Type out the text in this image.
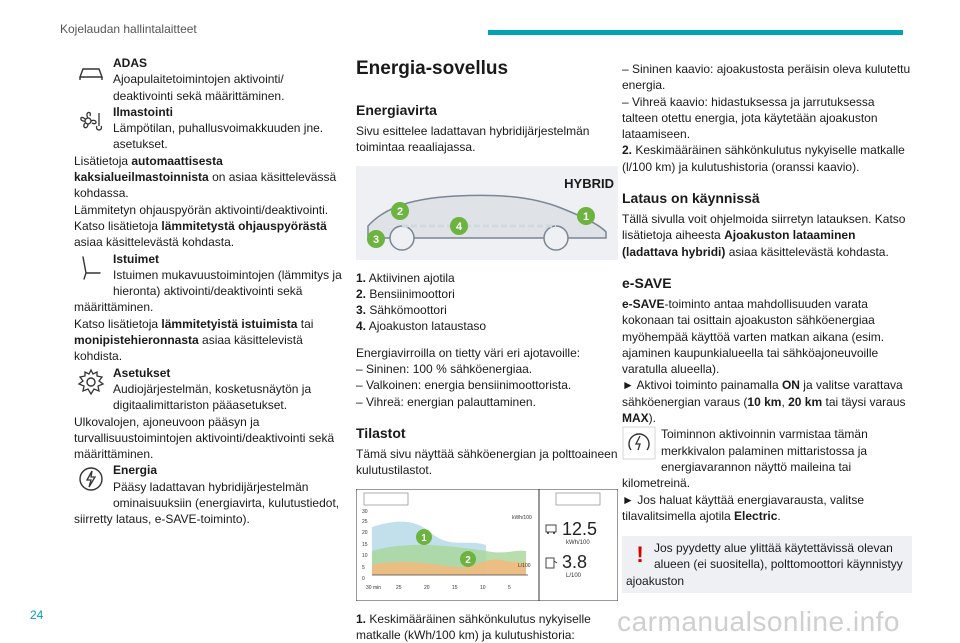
Kojelaudan hallintalaitteet

ADAS

Ajoapulaitetoimintojen aktivointi/ deaktivointi sekä määrittäminen.

Ilmastointi

Lämpötilan, puhallusvoimakkuuden jne. asetukset.

Lisätietoja automaattisesta kaksialueilmastoinnista on asiaa käsittelevässä kohdassa.

Lämmitetyn ohjauspyörän aktivointi/deaktivointi.

Katso lisätietoja lämmitetystä ohjauspyörästä asiaa käsittelevästä kohdasta.

Istuimet

Istuimen mukavuustoimintojen (lämmitys ja hieronta) aktivointi/deaktivointi sekä määrittäminen.

Katso lisätietoja lämmitetyistä istuimista tai monipistehieronnasta asiaa käsittelevistä kohdista.

Asetukset

Audiojärjestelmän, kosketusnäytön ja digitaalimittariston pääasetukset.

Ulkovalojen, ajoneuvoon pääsyn ja turvallisuustoimintojen aktivointi/deaktivointi sekä määrittäminen.

Energia

Pääsy ladattavan hybridijärjestelmän ominaisuuksiin (energiavirta, kulutustiedot, siirretty lataus, e-SAVE-toiminto).

Energia-sovellus
Energiavirta

Sivu esittelee ladattavan hybridijärjestelmän toimintaa reaaliajassa.

3
2
4
1
HYBRID

1. Aktiivinen ajotila

2. Bensiinimoottori

3. Sähkömoottori

4. Ajoakuston lataustaso

Energiavirroilla on tietty väri eri ajotavoille:

– Sininen: 100 % sähköenergiaa.

– Valkoinen: energia bensiinimoottorista.

– Vihreä: energian palauttaminen.

Tilastot

Tämä sivu näyttää sähköenergian ja polttoaineen kulutustilastot.

30
25
20
15
10
5
0
30 min	25	20	15	10	5
kWh/100
L/100
1
2
12.5
kWh/100
3.8
L/100

1. Keskimääräinen sähkönkulutus nykyiselle matkalle (kWh/100 km) ja kulutushistoria:

– Sininen kaavio: ajoakustosta peräisin oleva kulutettu energia.

– Vihreä kaavio: hidastuksessa ja jarrutuksessa talteen otettu energia, jota käytetään ajoakuston lataamiseen.

2. Keskimääräinen sähkönkulutus nykyiselle matkalle (l/100 km) ja kulutushistoria (oranssi kaavio).

Lataus on käynnissä

Tällä sivulla voit ohjelmoida siirretyn latauksen. Katso lisätietoja aiheesta Ajoakuston lataaminen (ladattava hybridi) asiaa käsittelevästä kohdasta.

e-SAVE

e-SAVE-toiminto antaa mahdollisuuden varata kokonaan tai osittain ajoakuston sähköenergiaa myöhempää käyttöä varten matkan aikana (esim. ajaminen kaupunkialueella tai sähköajoneuvoille varatulla alueella).

► Aktivoi toiminto painamalla ON ja valitse varattava sähköenergian varaus (10 km, 20 km tai täysi varaus MAX).

Toiminnon aktivoinnin varmistaa tämän merkkivalon palaminen mittaristossa ja energiavarannon näyttö maileina tai kilometreinä.

► Jos haluat käyttää energiavarausta, valitse tilavalitsimella ajotila Electric.

! Jos pyydetty alue ylittää käytettävissä olevan alueen (ei suositella), polttomoottori käynnistyy ajoakuston

24	carmanualsonline.info
